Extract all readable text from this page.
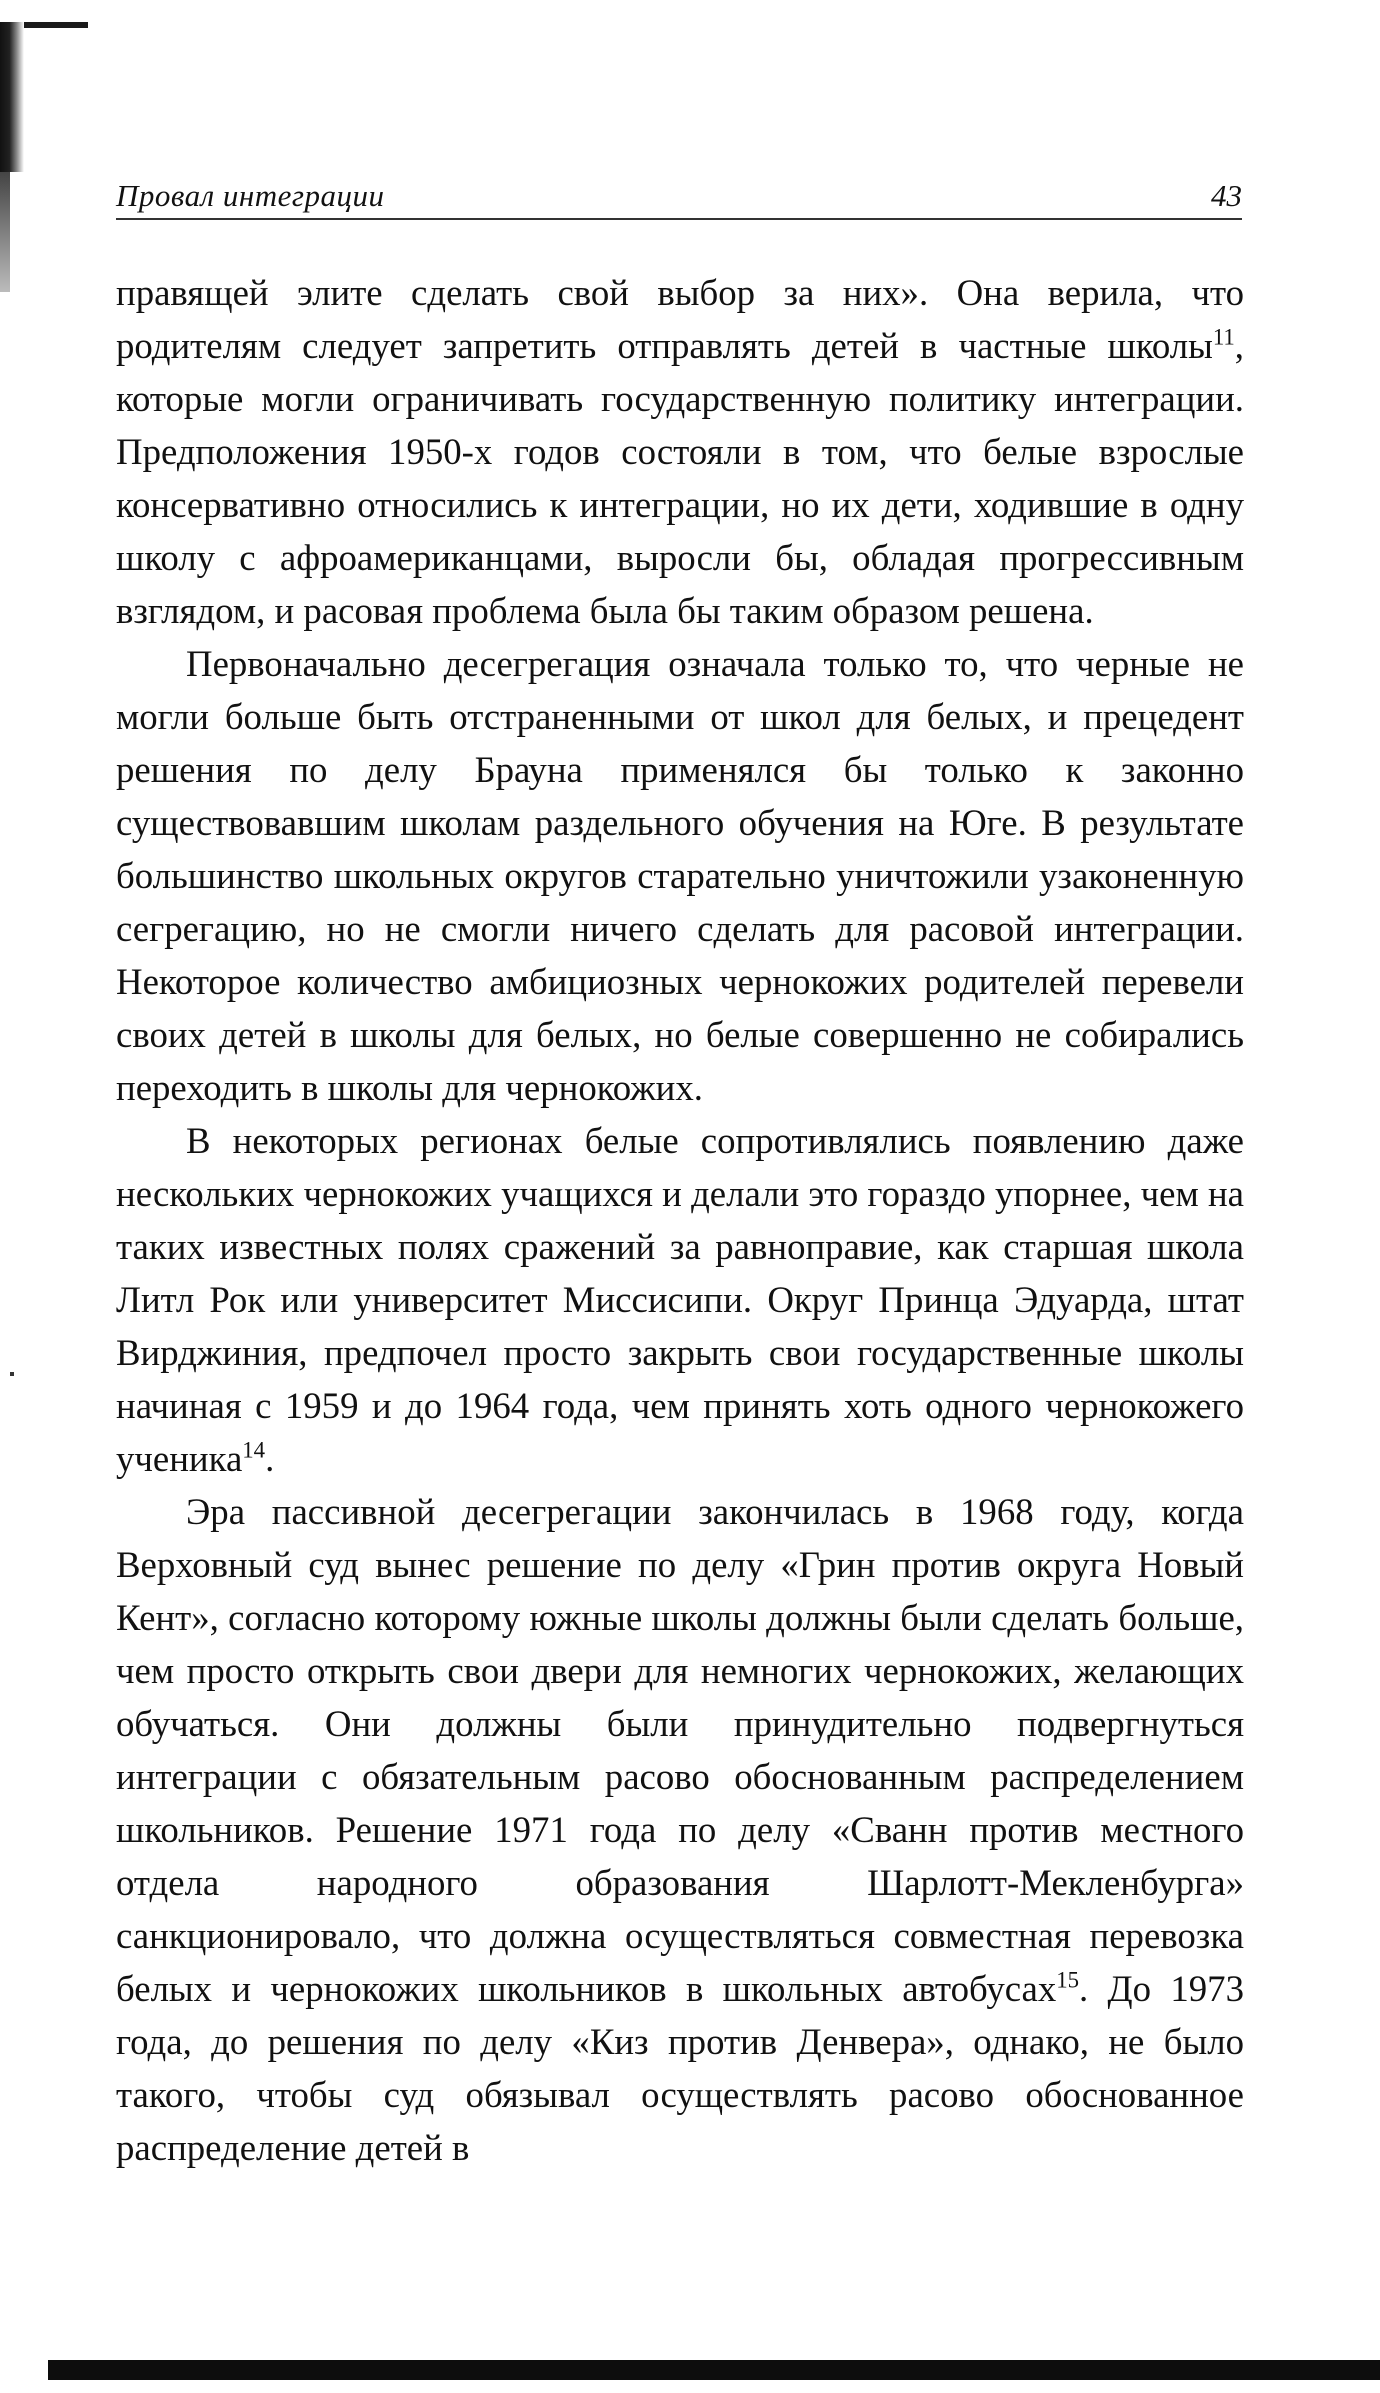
Провал интеграции	43

правящей элите сделать свой выбор за них». Она верила, что родителям следует запретить отправлять детей в частные школы$^{11}$, которые могли ограничивать государственную политику интеграции. Предположения 1950-х годов состояли в том, что белые взрослые консервативно относились к интеграции, но их дети, ходившие в одну школу с афроамериканцами, выросли бы, обладая прогрессивным взглядом, и расовая проблема была бы таким образом решена.

Первоначально десегрегация означала только то, что черные не могли больше быть отстраненными от школ для белых, и прецедент решения по делу Брауна применялся бы только к законно существовавшим школам раздельного обучения на Юге. В результате большинство школьных округов старательно уничтожили узаконенную сегрегацию, но не смогли ничего сделать для расовой интеграции. Некоторое количество амбициозных чернокожих родителей перевели своих детей в школы для белых, но белые совершенно не собирались переходить в школы для чернокожих.

В некоторых регионах белые сопротивлялись появлению даже нескольких чернокожих учащихся и делали это гораздо упорнее, чем на таких известных полях сражений за равноправие, как старшая школа Литл Рок или университет Миссисипи. Округ Принца Эдуарда, штат Вирджиния, предпочел просто закрыть свои государственные школы начиная с 1959 и до 1964 года, чем принять хоть одного чернокожего ученика$^{14}$.

Эра пассивной десегрегации закончилась в 1968 году, когда Верховный суд вынес решение по делу «Грин против округа Новый Кент», согласно которому южные школы должны были сделать больше, чем просто открыть свои двери для немногих чернокожих, желающих обучаться. Они должны были принудительно подвергнуться интеграции с обязательным расово обоснованным распределением школьников. Решение 1971 года по делу «Сванн против местного отдела народного образования Шарлотт-Мекленбурга» санкционировало, что должна осуществляться совместная перевозка белых и чернокожих школьников в школьных автобусах$^{15}$. До 1973 года, до решения по делу «Киз против Денвера», однако, не было такого, чтобы суд обязывал осуществлять расово обоснованное распределение детей в
